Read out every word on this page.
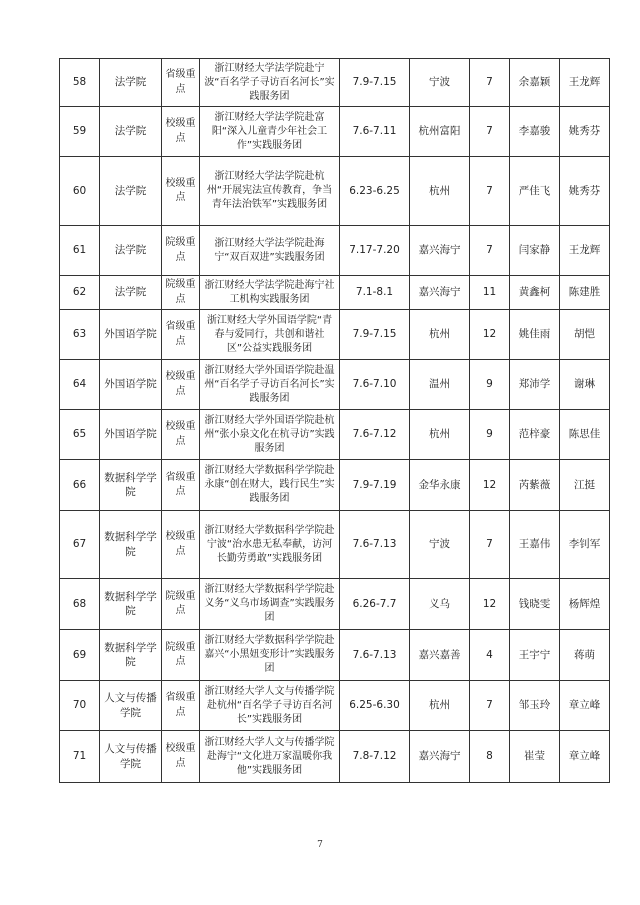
58	法学院	省级重点	浙江财经大学法学院赴宁波“百名学子寻访百名河长”实践服务团	7.9-7.15	宁波	7	余嘉颖	王龙辉
59	法学院	校级重点	浙江财经大学法学院赴富阳“深入儿童青少年社会工作”实践服务团	7.6-7.11	杭州富阳	7	李嘉骏	姚秀芬
60	法学院	校级重点	浙江财经大学法学院赴杭州“开展宪法宣传教育，争当青年法治铁军”实践服务团	6.23-6.25	杭州	7	严佳飞	姚秀芬
61	法学院	院级重点	浙江财经大学法学院赴海宁“双百双进”实践服务团	7.17-7.20	嘉兴海宁	7	闫家静	王龙辉
62	法学院	院级重点	浙江财经大学法学院赴海宁社工机构实践服务团	7.1-8.1	嘉兴海宁	11	黄鑫柯	陈建胜
63	外国语学院	省级重点	浙江财经大学外国语学院“青春与爱同行，共创和谐社区”公益实践服务团	7.9-7.15	杭州	12	姚佳雨	胡恺
64	外国语学院	校级重点	浙江财经大学外国语学院赴温州“百名学子寻访百名河长”实践服务团	7.6-7.10	温州	9	郑沛学	谢琳
65	外国语学院	校级重点	浙江财经大学外国语学院赴杭州“张小泉文化在杭寻访”实践服务团	7.6-7.12	杭州	9	范梓豪	陈思佳
66	数据科学学院	省级重点	浙江财经大学数据科学学院赴永康“创在财大，践行民生”实践服务团	7.9-7.19	金华永康	12	芮紫薇	江挺
67	数据科学学院	校级重点	浙江财经大学数据科学学院赴宁波“治水患无私奉献，访河长勤劳勇敢”实践服务团	7.6-7.13	宁波	7	王嘉伟	李钊军
68	数据科学学院	院级重点	浙江财经大学数据科学学院赴义务“义乌市场调查”实践服务团	6.26-7.7	义乌	12	钱晓雯	杨辉煌
69	数据科学学院	院级重点	浙江财经大学数据科学学院赴嘉兴“小黑妞变形计”实践服务团	7.6-7.13	嘉兴嘉善	4	王宇宁	蒋萌
70	人文与传播学院	省级重点	浙江财经大学人文与传播学院赴杭州“百名学子寻访百名河长”实践服务团	6.25-6.30	杭州	7	邹玉玲	章立峰
71	人文与传播学院	校级重点	浙江财经大学人文与传播学院赴海宁“文化进万家温暖你我他”实践服务团	7.8-7.12	嘉兴海宁	8	崔莹	章立峰
7
